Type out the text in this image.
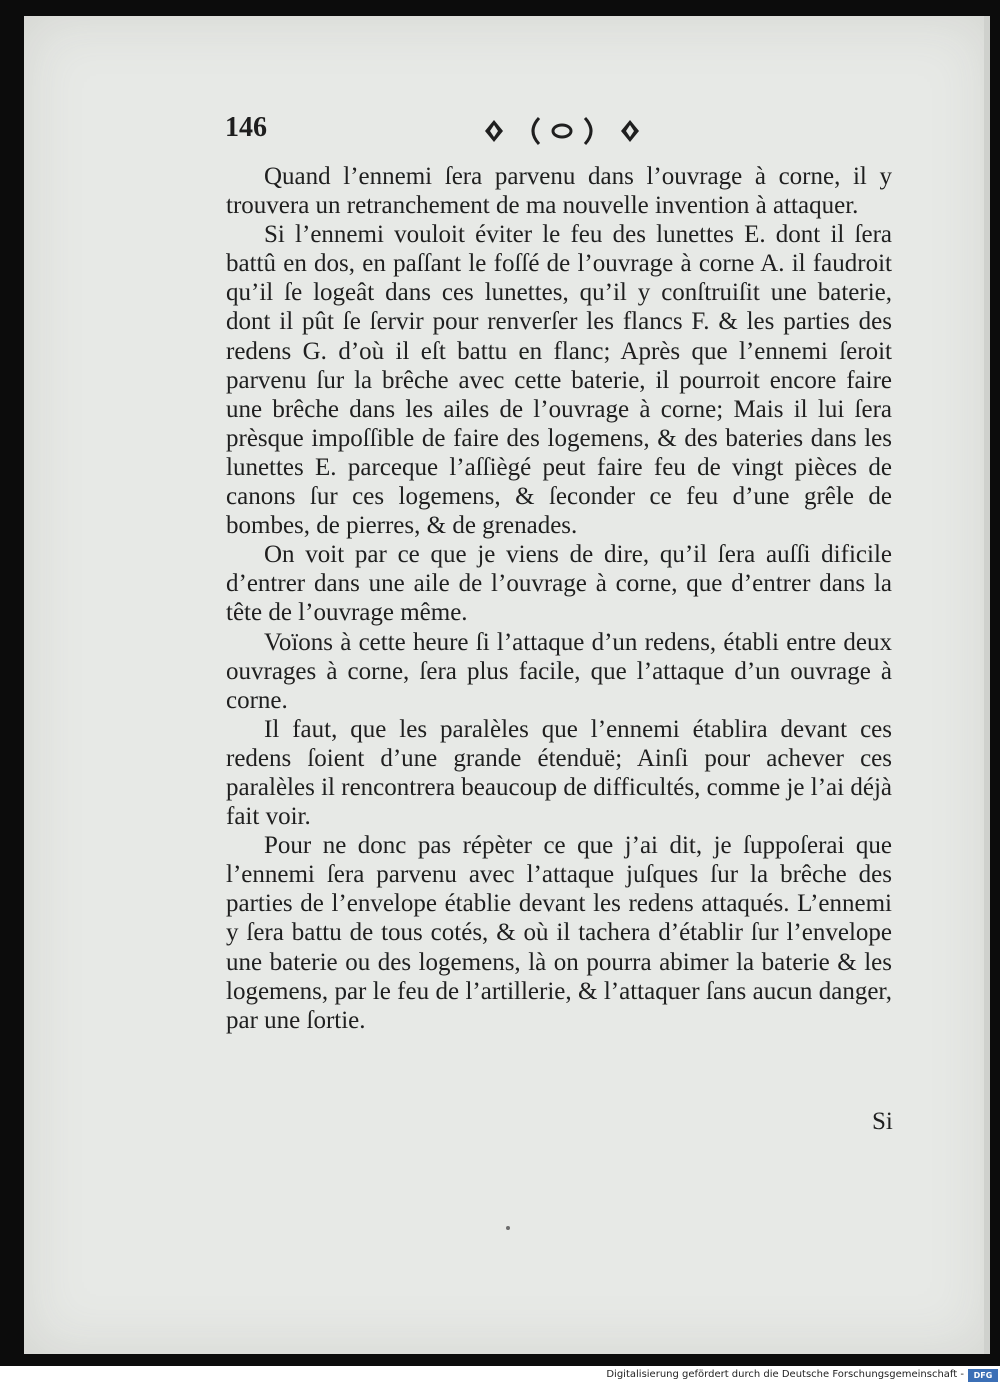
146

Quand l’ennemi ſera parvenu dans l’ouvrage à corne, il y trouvera un retranchement de ma nouvelle invention à attaquer.

Si l’ennemi vouloit éviter le feu des lunettes E. dont il ſera battû en dos, en paſſant le foſſé de l’ouvrage à corne A. il faudroit qu’il ſe logeât dans ces lunettes, qu’il y conſtruiſit une baterie, dont il pût ſe ſervir pour renverſer les flancs F. & les parties des redens G. d’où il eſt battu en flanc; Après que l’ennemi ſeroit parvenu ſur la brêche avec cette baterie, il pourroit encore faire une brêche dans les ailes de l’ouvrage à corne; Mais il lui ſera prèsque impoſſible de faire des logemens, & des bateries dans les lunettes E. parceque l’aſſiègé peut faire feu de vingt pièces de canons ſur ces logemens, & ſeconder ce feu d’une grêle de bombes, de pierres, & de grenades.

On voit par ce que je viens de dire, qu’il ſera auſſi dificile d’entrer dans une aile de l’ouvrage à corne, que d’entrer dans la tête de l’ouvrage même.

Voïons à cette heure ſi l’attaque d’un redens, établi entre deux ouvrages à corne, ſera plus facile, que l’attaque d’un ouvrage à corne.

Il faut, que les paralèles que l’ennemi établira devant ces redens ſoient d’une grande étenduë; Ainſi pour achever ces paralèles il rencontrera beaucoup de difficultés, comme je l’ai déjà fait voir.

Pour ne donc pas répèter ce que j’ai dit, je ſuppoſerai que l’ennemi ſera parvenu avec l’attaque juſques ſur la brêche des parties de l’envelope établie devant les redens attaqués. L’ennemi y ſera battu de tous cotés, & où il tachera d’établir ſur l’envelope une baterie ou des logemens, là on pourra abimer la baterie & les logemens, par le feu de l’artillerie, & l’attaquer ſans aucun danger, par une ſortie.

Si
Digitalisierung gefördert durch die Deutsche Forschungsgemeinschaft -	DFG
